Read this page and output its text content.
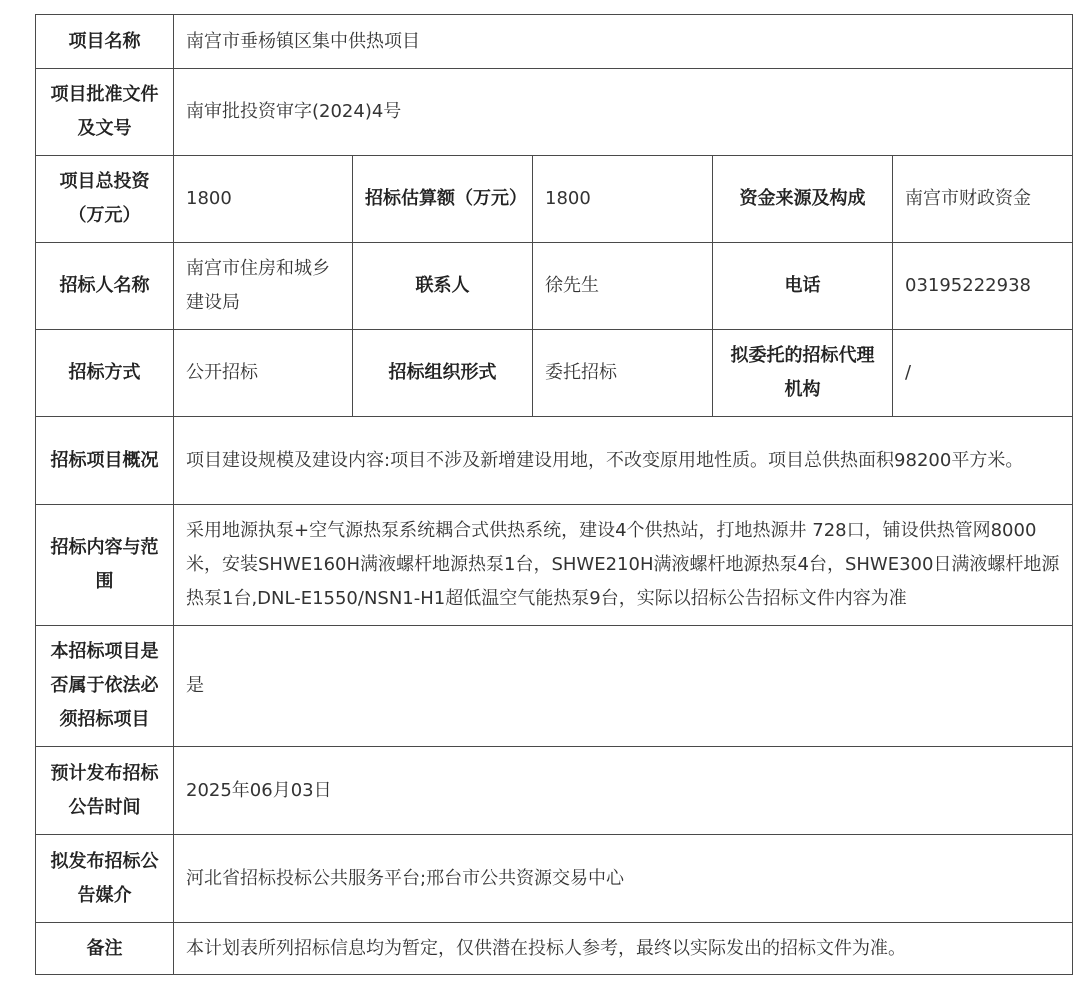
项目名称	南宫市垂杨镇区集中供热项目				
项目批准文件及文号	南审批投资审字(2024)4号				
项目总投资（万元）	1800	招标估算额（万元）	1800	资金来源及构成	南宫市财政资金
招标人名称	南宫市住房和城乡建设局	联系人	徐先生	电话	03195222938
招标方式	公开招标	招标组织形式	委托招标	拟委托的招标代理机构	/
招标项目概况	项目建设规模及建设内容:项目不涉及新增建设用地，不改变原用地性质。项目总供热面积98200平方米。				
招标内容与范围	采用地源执泵+空气源热泵系统耦合式供热系统，建设4个供热站，打地热源井 728口，铺设供热管网8000米，安装SHWE160H满液螺杆地源热泵1台，SHWE210H满液螺杆地源热泵4台，SHWE300日满液螺杆地源热泵1台,DNL-E1550/NSN1-H1超低温空气能热泵9台，实际以招标公告招标文件内容为准				
本招标项目是否属于依法必须招标项目	是				
预计发布招标公告时间	2025年06月03日				
拟发布招标公告媒介	河北省招标投标公共服务平台;邢台市公共资源交易中心				
备注	本计划表所列招标信息均为暂定，仅供潜在投标人参考，最终以实际发出的招标文件为准。				
